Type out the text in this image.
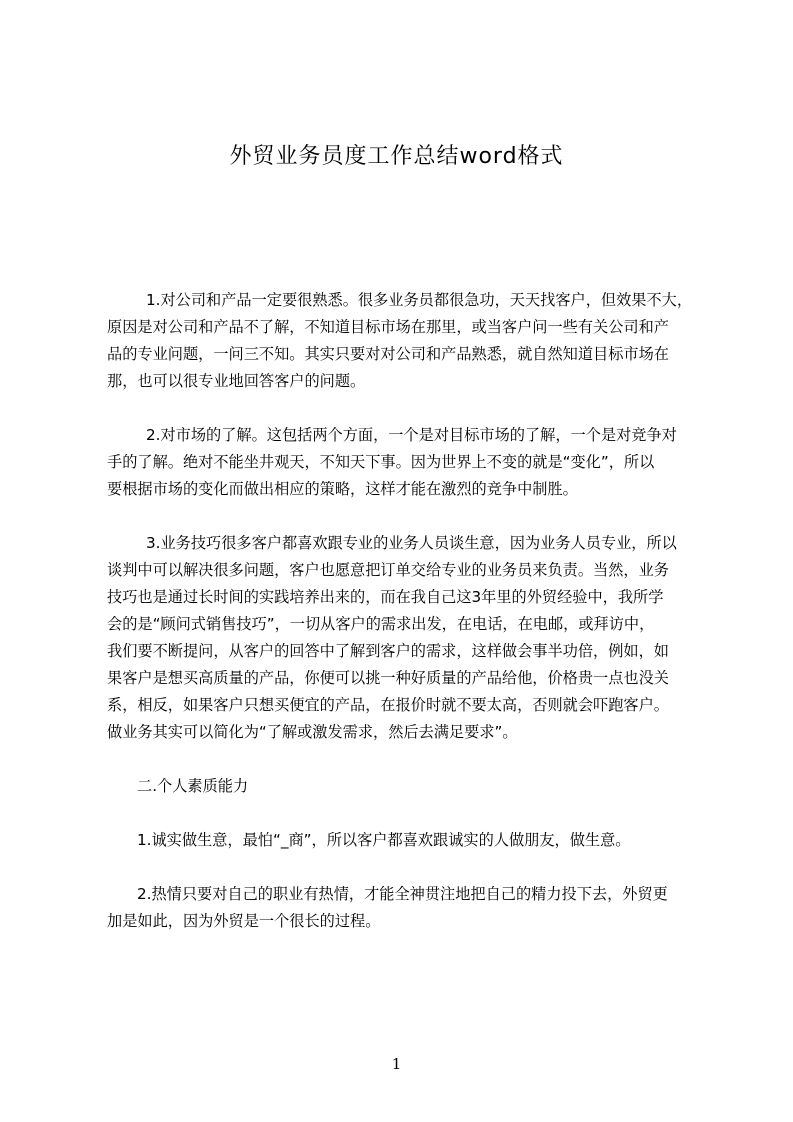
外贸业务员度工作总结word格式
1.对公司和产品一定要很熟悉。很多业务员都很急功，天天找客户，但效果不大，
原因是对公司和产品不了解，不知道目标市场在那里，或当客户问一些有关公司和产
品的专业问题，一问三不知。其实只要对对公司和产品熟悉，就自然知道目标市场在
那，也可以很专业地回答客户的问题。
2.对市场的了解。这包括两个方面，一个是对目标市场的了解，一个是对竞争对
手的了解。绝对不能坐井观天，不知天下事。因为世界上不变的就是“变化”，所以
要根据市场的变化而做出相应的策略，这样才能在激烈的竞争中制胜。
3.业务技巧很多客户都喜欢跟专业的业务人员谈生意，因为业务人员专业，所以
谈判中可以解决很多问题，客户也愿意把订单交给专业的业务员来负责。当然，业务
技巧也是通过长时间的实践培养出来的，而在我自己这3年里的外贸经验中，我所学
会的是“顾问式销售技巧”，一切从客户的需求出发，在电话，在电邮，或拜访中，
我们要不断提问，从客户的回答中了解到客户的需求，这样做会事半功倍，例如，如
果客户是想买高质量的产品，你便可以挑一种好质量的产品给他，价格贵一点也没关
系，相反，如果客户只想买便宜的产品，在报价时就不要太高，否则就会吓跑客户。
做业务其实可以简化为“了解或激发需求，然后去满足要求”。
二.个人素质能力
1.诚实做生意，最怕“_商”，所以客户都喜欢跟诚实的人做朋友，做生意。
2.热情只要对自己的职业有热情，才能全神贯注地把自己的精力投下去，外贸更
加是如此，因为外贸是一个很长的过程。
1
